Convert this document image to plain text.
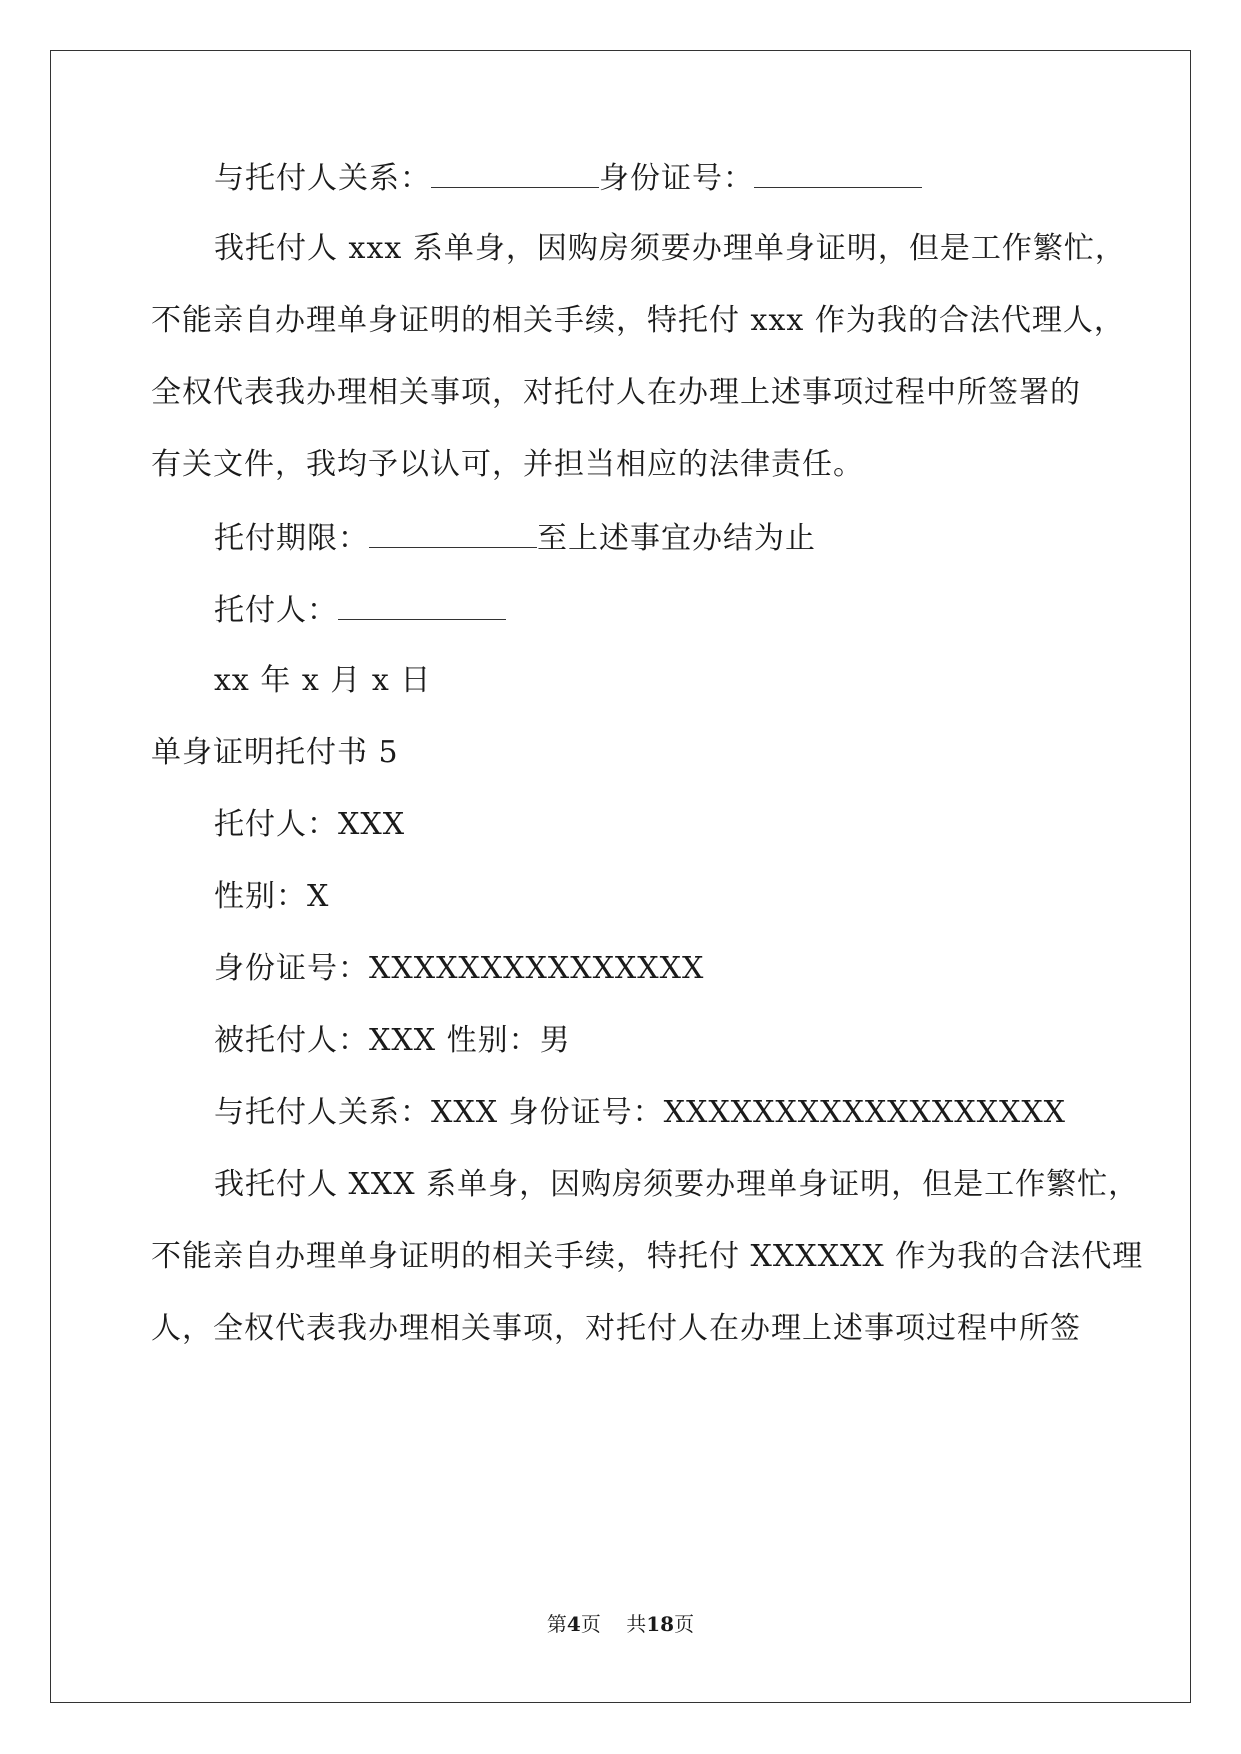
与托付人关系：	身份证号：
我托付人 xxx 系单身，因购房须要办理单身证明，但是工作繁忙，
不能亲自办理单身证明的相关手续，特托付 xxx 作为我的合法代理人，
全权代表我办理相关事项，对托付人在办理上述事项过程中所签署的
有关文件，我均予以认可，并担当相应的法律责任。
托付期限：	至上述事宜办结为止
托付人：
xx 年 x 月 x 日
单身证明托付书 5
托付人：XXX
性别：X
身份证号：XXXXXXXXXXXXXXX
被托付人：XXX 性别：男
与托付人关系：XXX 身份证号：XXXXXXXXXXXXXXXXXX
我托付人 XXX 系单身，因购房须要办理单身证明，但是工作繁忙，
不能亲自办理单身证明的相关手续，特托付 XXXXXX 作为我的合法代理
人，全权代表我办理相关事项，对托付人在办理上述事项过程中所签
第4页 共18页
